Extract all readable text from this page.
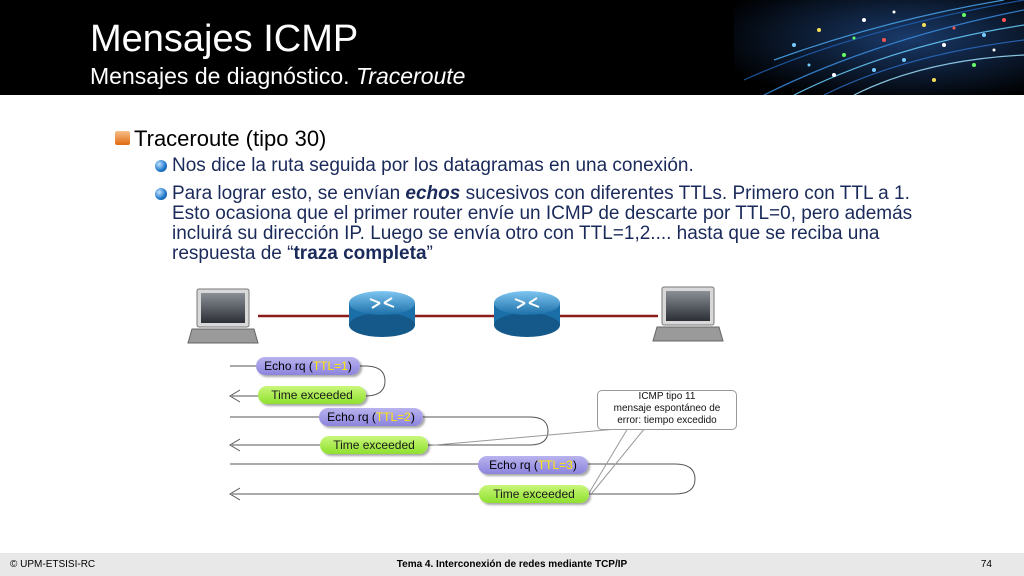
Mensajes ICMP
Mensajes de diagnóstico. Traceroute
Traceroute (tipo 30)
Nos dice la ruta seguida por los datagramas en una conexión.
Para lograr esto, se envían echos sucesivos con diferentes TTLs. Primero con TTL a 1. Esto ocasiona que el primer router envíe un ICMP de descarte por TTL=0, pero además incluirá su dirección IP. Luego se envía otro con TTL=1,2.... hasta que se reciba una respuesta de “traza completa”
Echo rq (TTL=1)
Time exceeded
Echo rq (TTL=2)
Time exceeded
Echo rq (TTL=3)
Time exceeded
ICMP tipo 11
mensaje espontáneo de
error: tiempo excedido
© UPM-ETSISI-RC	Tema 4. Interconexión de redes mediante TCP/IP	74
